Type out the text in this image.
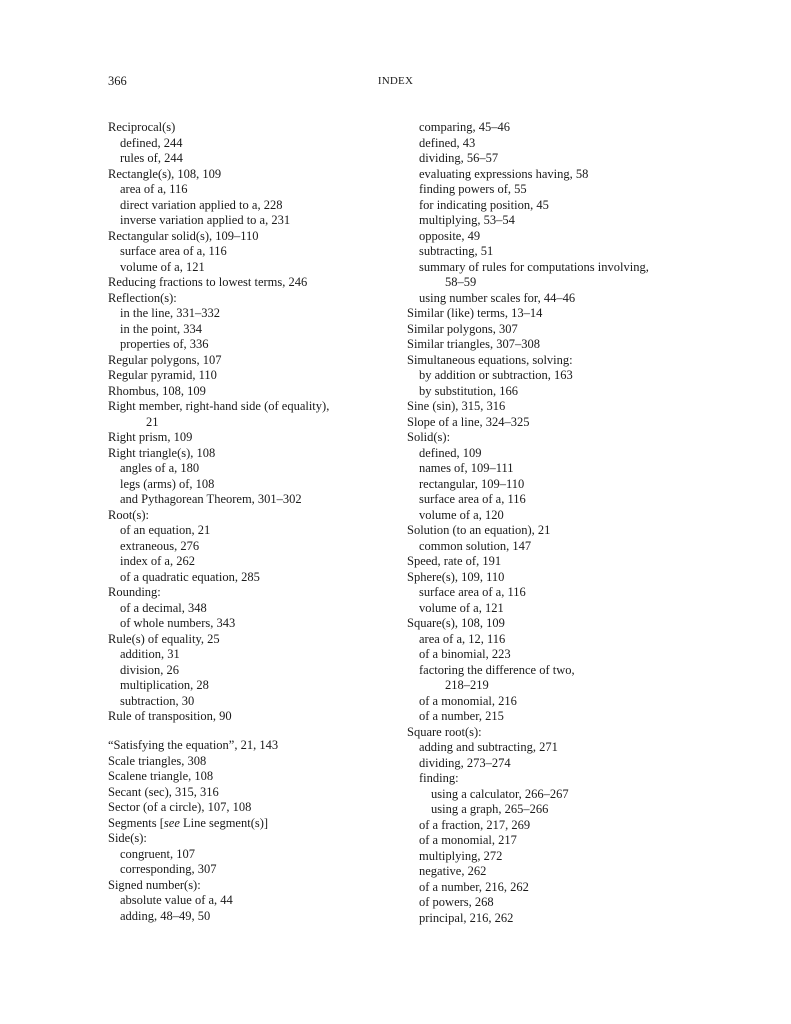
366	INDEX
Reciprocal(s)
defined, 244
rules of, 244
Rectangle(s), 108, 109
area of a, 116
direct variation applied to a, 228
inverse variation applied to a, 231
Rectangular solid(s), 109–110
surface area of a, 116
volume of a, 121
Reducing fractions to lowest terms, 246
Reflection(s):
in the line, 331–332
in the point, 334
properties of, 336
Regular polygons, 107
Regular pyramid, 110
Rhombus, 108, 109
Right member, right-hand side (of equality),
21
Right prism, 109
Right triangle(s), 108
angles of a, 180
legs (arms) of, 108
and Pythagorean Theorem, 301–302
Root(s):
of an equation, 21
extraneous, 276
index of a, 262
of a quadratic equation, 285
Rounding:
of a decimal, 348
of whole numbers, 343
Rule(s) of equality, 25
addition, 31
division, 26
multiplication, 28
subtraction, 30
Rule of transposition, 90
“Satisfying the equation”, 21, 143
Scale triangles, 308
Scalene triangle, 108
Secant (sec), 315, 316
Sector (of a circle), 107, 108
Segments [see Line segment(s)]
Side(s):
congruent, 107
corresponding, 307
Signed number(s):
absolute value of a, 44
adding, 48–49, 50
comparing, 45–46
defined, 43
dividing, 56–57
evaluating expressions having, 58
finding powers of, 55
for indicating position, 45
multiplying, 53–54
opposite, 49
subtracting, 51
summary of rules for computations involving,
58–59
using number scales for, 44–46
Similar (like) terms, 13–14
Similar polygons, 307
Similar triangles, 307–308
Simultaneous equations, solving:
by addition or subtraction, 163
by substitution, 166
Sine (sin), 315, 316
Slope of a line, 324–325
Solid(s):
defined, 109
names of, 109–111
rectangular, 109–110
surface area of a, 116
volume of a, 120
Solution (to an equation), 21
common solution, 147
Speed, rate of, 191
Sphere(s), 109, 110
surface area of a, 116
volume of a, 121
Square(s), 108, 109
area of a, 12, 116
of a binomial, 223
factoring the difference of two,
218–219
of a monomial, 216
of a number, 215
Square root(s):
adding and subtracting, 271
dividing, 273–274
finding:
using a calculator, 266–267
using a graph, 265–266
of a fraction, 217, 269
of a monomial, 217
multiplying, 272
negative, 262
of a number, 216, 262
of powers, 268
principal, 216, 262
